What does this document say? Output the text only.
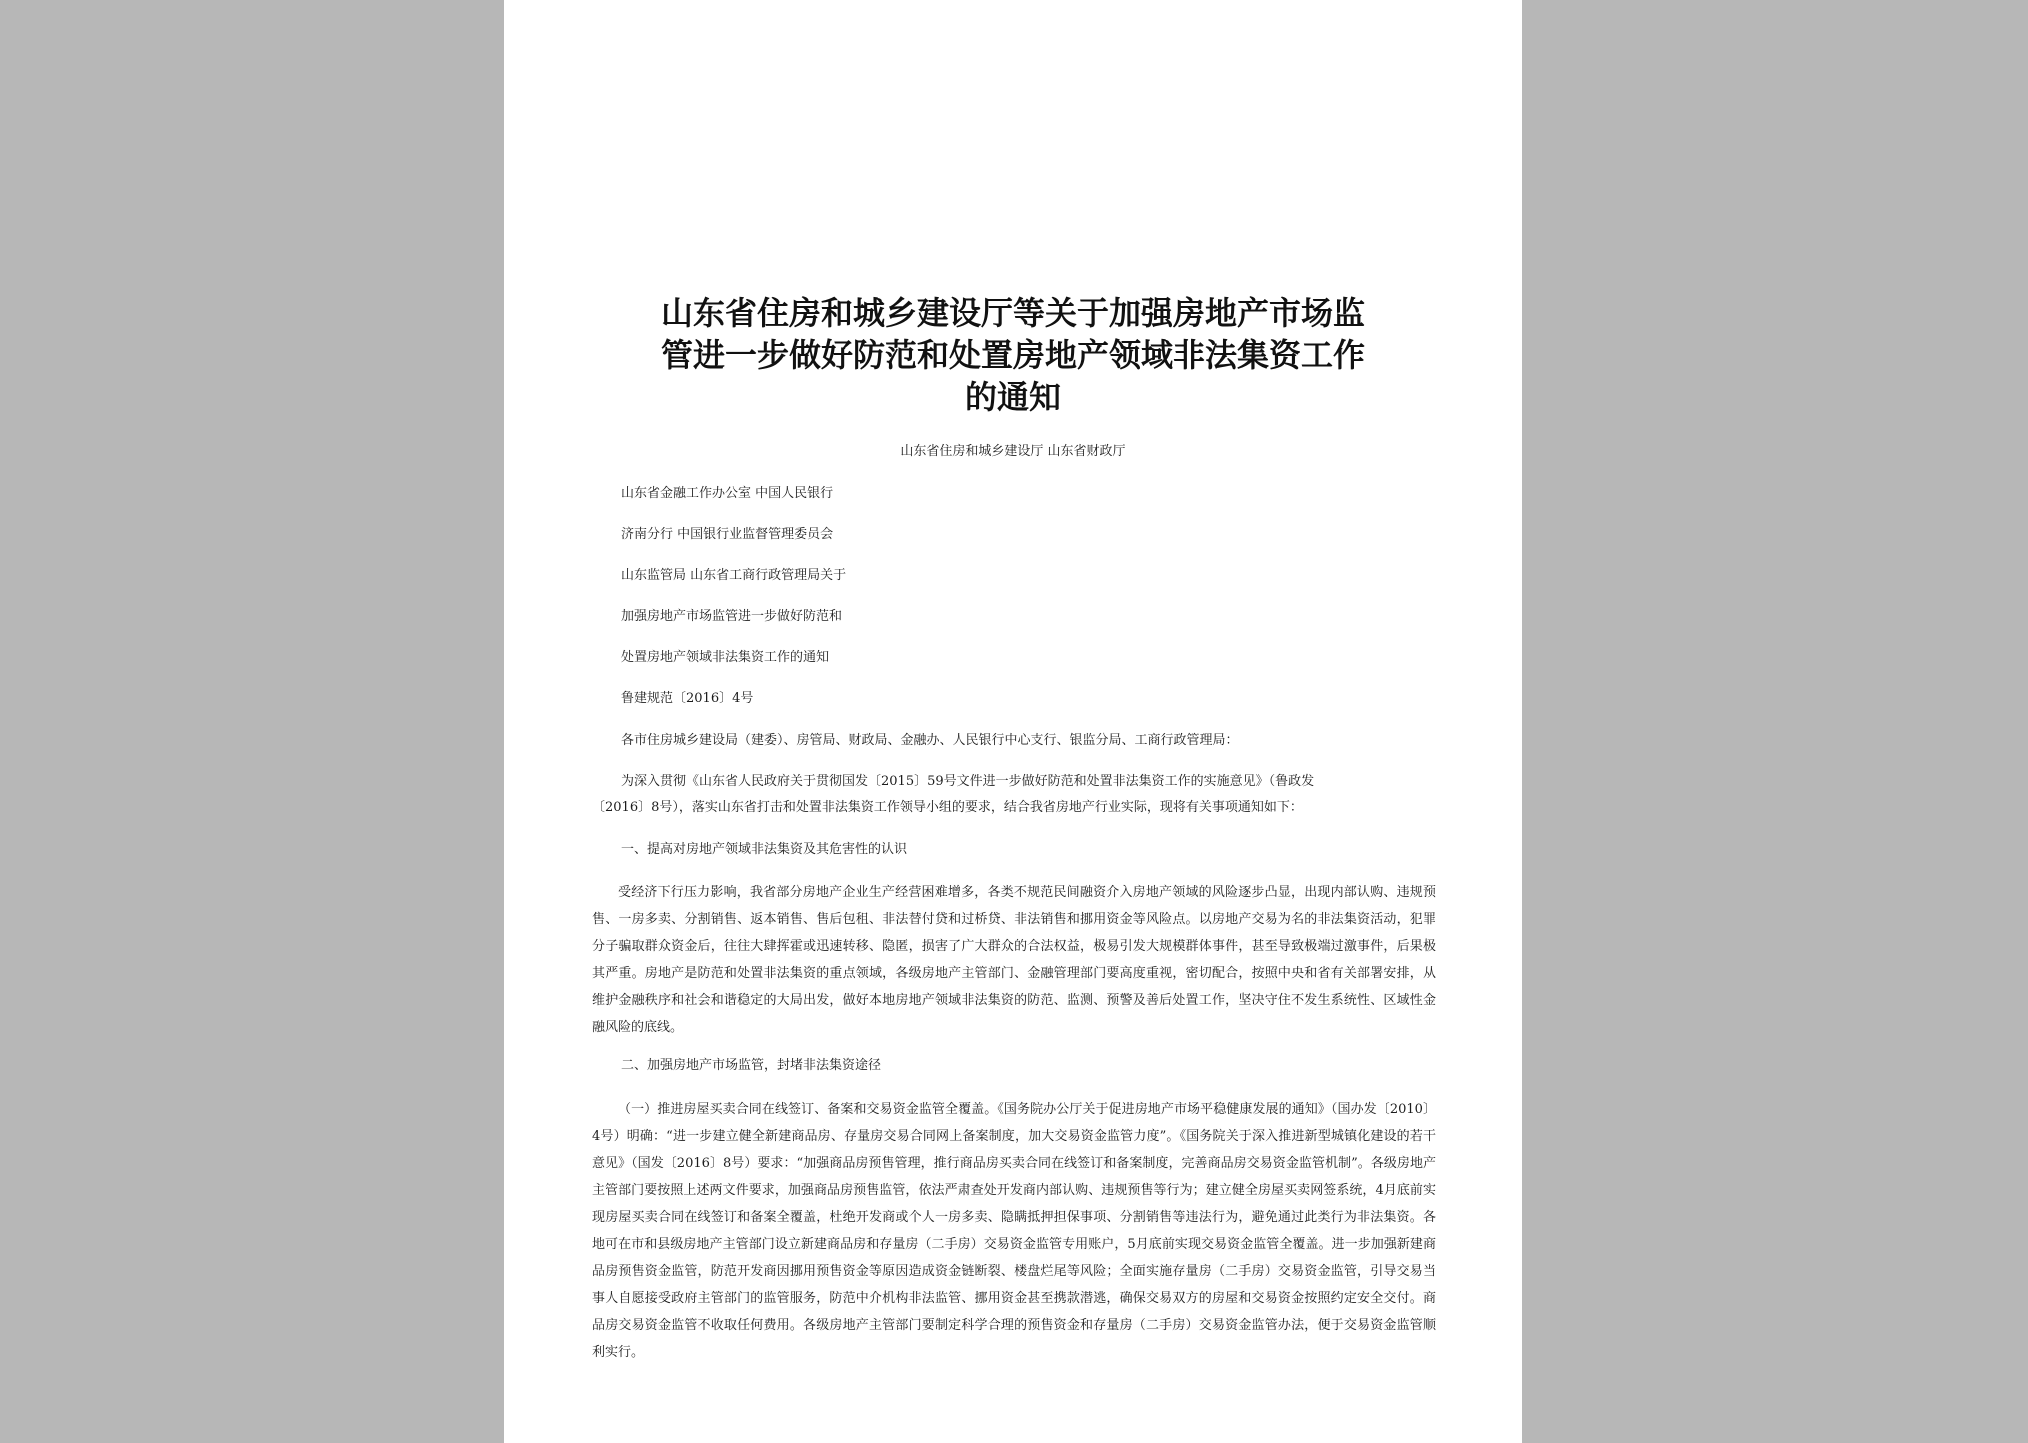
山东省住房和城乡建设厅等关于加强房地产市场监
管进一步做好防范和处置房地产领域非法集资工作
的通知
山东省住房和城乡建设厅 山东省财政厅
山东省金融工作办公室 中国人民银行
济南分行 中国银行业监督管理委员会
山东监管局 山东省工商行政管理局关于
加强房地产市场监管进一步做好防范和
处置房地产领域非法集资工作的通知
鲁建规范〔2016〕4号
各市住房城乡建设局（建委）、房管局、财政局、金融办、人民银行中心支行、银监分局、工商行政管理局：
为深入贯彻《山东省人民政府关于贯彻国发〔2015〕59号文件进一步做好防范和处置非法集资工作的实施意见》（鲁政发
〔2016〕8号），落实山东省打击和处置非法集资工作领导小组的要求，结合我省房地产行业实际，现将有关事项通知如下：
一、提高对房地产领域非法集资及其危害性的认识

受经济下行压力影响，我省部分房地产企业生产经营困难增多，各类不规范民间融资介入房地产领域的风险逐步凸显，出现内部认购、违规预售、一房多卖、分割销售、返本销售、售后包租、非法替付贷和过桥贷、非法销售和挪用资金等风险点。以房地产交易为名的非法集资活动，犯罪分子骗取群众资金后，往往大肆挥霍或迅速转移、隐匿，损害了广大群众的合法权益，极易引发大规模群体事件，甚至导致极端过激事件，后果极其严重。房地产是防范和处置非法集资的重点领域，各级房地产主管部门、金融管理部门要高度重视，密切配合，按照中央和省有关部署安排，从维护金融秩序和社会和谐稳定的大局出发，做好本地房地产领域非法集资的防范、监测、预警及善后处置工作，坚决守住不发生系统性、区域性金融风险的底线。

二、加强房地产市场监管，封堵非法集资途径

（一）推进房屋买卖合同在线签订、备案和交易资金监管全覆盖。《国务院办公厅关于促进房地产市场平稳健康发展的通知》（国办发〔2010〕4号）明确：“进一步建立健全新建商品房、存量房交易合同网上备案制度，加大交易资金监管力度”。《国务院关于深入推进新型城镇化建设的若干意见》（国发〔2016〕8号）要求：“加强商品房预售管理，推行商品房买卖合同在线签订和备案制度，完善商品房交易资金监管机制”。各级房地产主管部门要按照上述两文件要求，加强商品房预售监管，依法严肃查处开发商内部认购、违规预售等行为；建立健全房屋买卖网签系统，4月底前实现房屋买卖合同在线签订和备案全覆盖，杜绝开发商或个人一房多卖、隐瞒抵押担保事项、分割销售等违法行为，避免通过此类行为非法集资。各地可在市和县级房地产主管部门设立新建商品房和存量房（二手房）交易资金监管专用账户，5月底前实现交易资金监管全覆盖。进一步加强新建商品房预售资金监管，防范开发商因挪用预售资金等原因造成资金链断裂、楼盘烂尾等风险；全面实施存量房（二手房）交易资金监管，引导交易当事人自愿接受政府主管部门的监管服务，防范中介机构非法监管、挪用资金甚至携款潜逃，确保交易双方的房屋和交易资金按照约定安全交付。商品房交易资金监管不收取任何费用。各级房地产主管部门要制定科学合理的预售资金和存量房（二手房）交易资金监管办法，便于交易资金监管顺利实行。
